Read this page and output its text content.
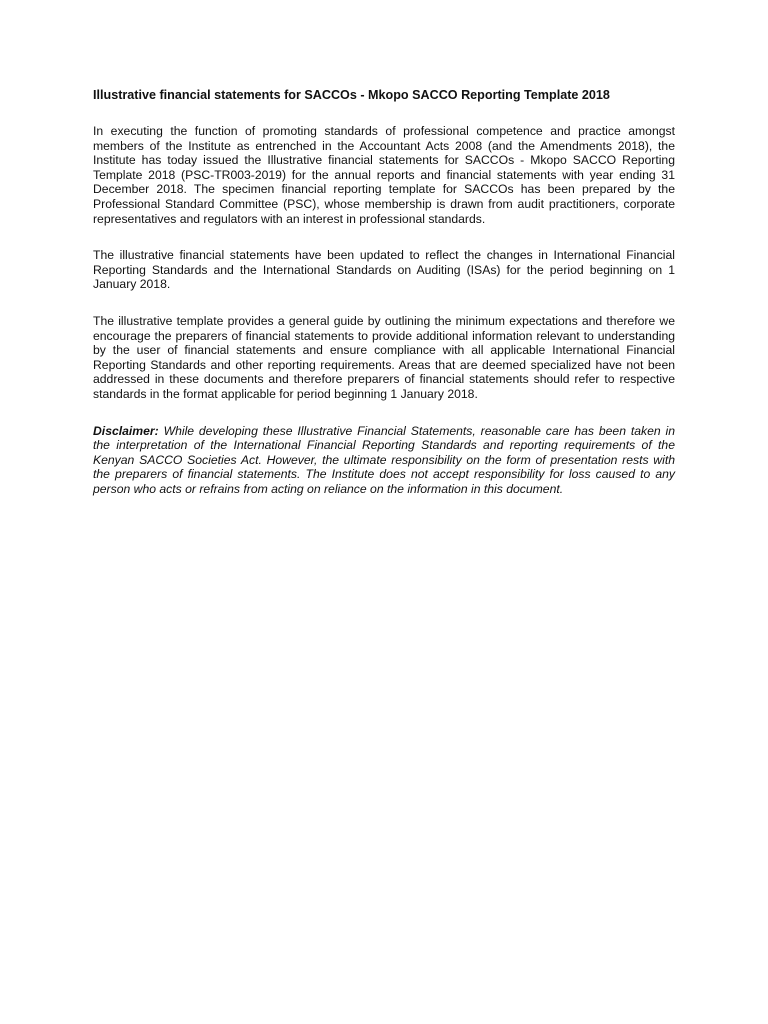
Illustrative financial statements for SACCOs - Mkopo SACCO Reporting Template 2018

In executing the function of promoting standards of professional competence and practice amongst members of the Institute as entrenched in the Accountant Acts 2008 (and the Amendments 2018), the Institute has today issued the Illustrative financial statements for SACCOs - Mkopo SACCO Reporting Template 2018 (PSC-TR003-2019) for the annual reports and financial statements with year ending 31 December 2018. The specimen financial reporting template for SACCOs has been prepared by the Professional Standard Committee (PSC), whose membership is drawn from audit practitioners, corporate representatives and regulators with an interest in professional standards.

The illustrative financial statements have been updated to reflect the changes in International Financial Reporting Standards and the International Standards on Auditing (ISAs) for the period beginning on 1 January 2018.

The illustrative template provides a general guide by outlining the minimum expectations and therefore we encourage the preparers of financial statements to provide additional information relevant to understanding by the user of financial statements and ensure compliance with all applicable International Financial Reporting Standards and other reporting requirements. Areas that are deemed specialized have not been addressed in these documents and therefore preparers of financial statements should refer to respective standards in the format applicable for period beginning 1 January 2018.

Disclaimer: While developing these Illustrative Financial Statements, reasonable care has been taken in the interpretation of the International Financial Reporting Standards and reporting requirements of the Kenyan SACCO Societies Act. However, the ultimate responsibility on the form of presentation rests with the preparers of financial statements. The Institute does not accept responsibility for loss caused to any person who acts or refrains from acting on reliance on the information in this document.
